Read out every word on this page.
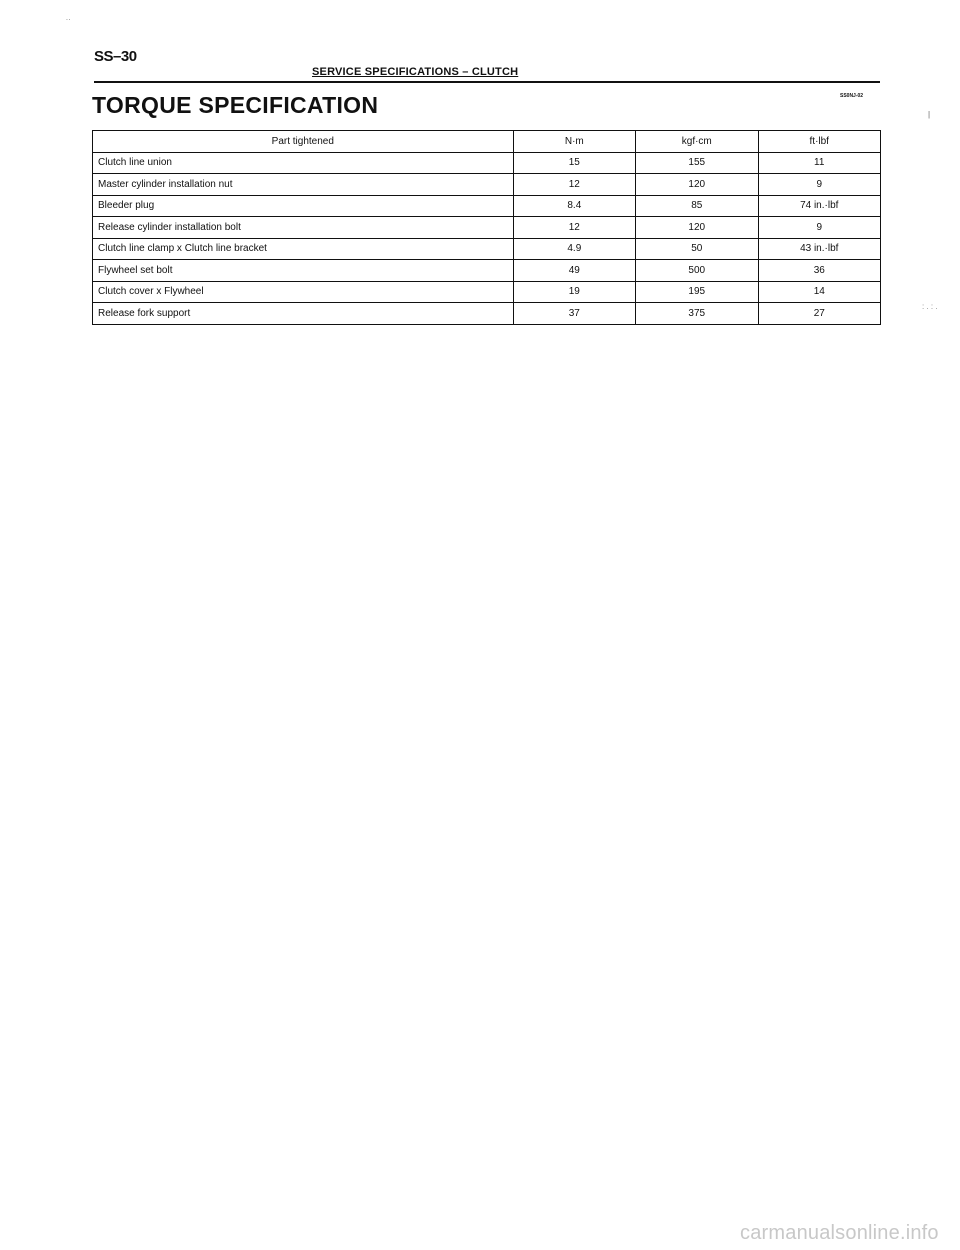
SS–30
SERVICE SPECIFICATIONS – CLUTCH
TORQUE SPECIFICATION	SS0NJ-02
Part tightened	N·m	kgf·cm	ft·lbf
Clutch line union	15	155	11
Master cylinder installation nut	12	120	9
Bleeder plug	8.4	85	74 in.·lbf
Release cylinder installation bolt	12	120	9
Clutch line clamp x Clutch line bracket	4.9	50	43 in.·lbf
Flywheel set bolt	49	500	36
Clutch cover x Flywheel	19	195	14
Release fork support	37	375	27
˙˙
|
: . : .
carmanualsonline.info
